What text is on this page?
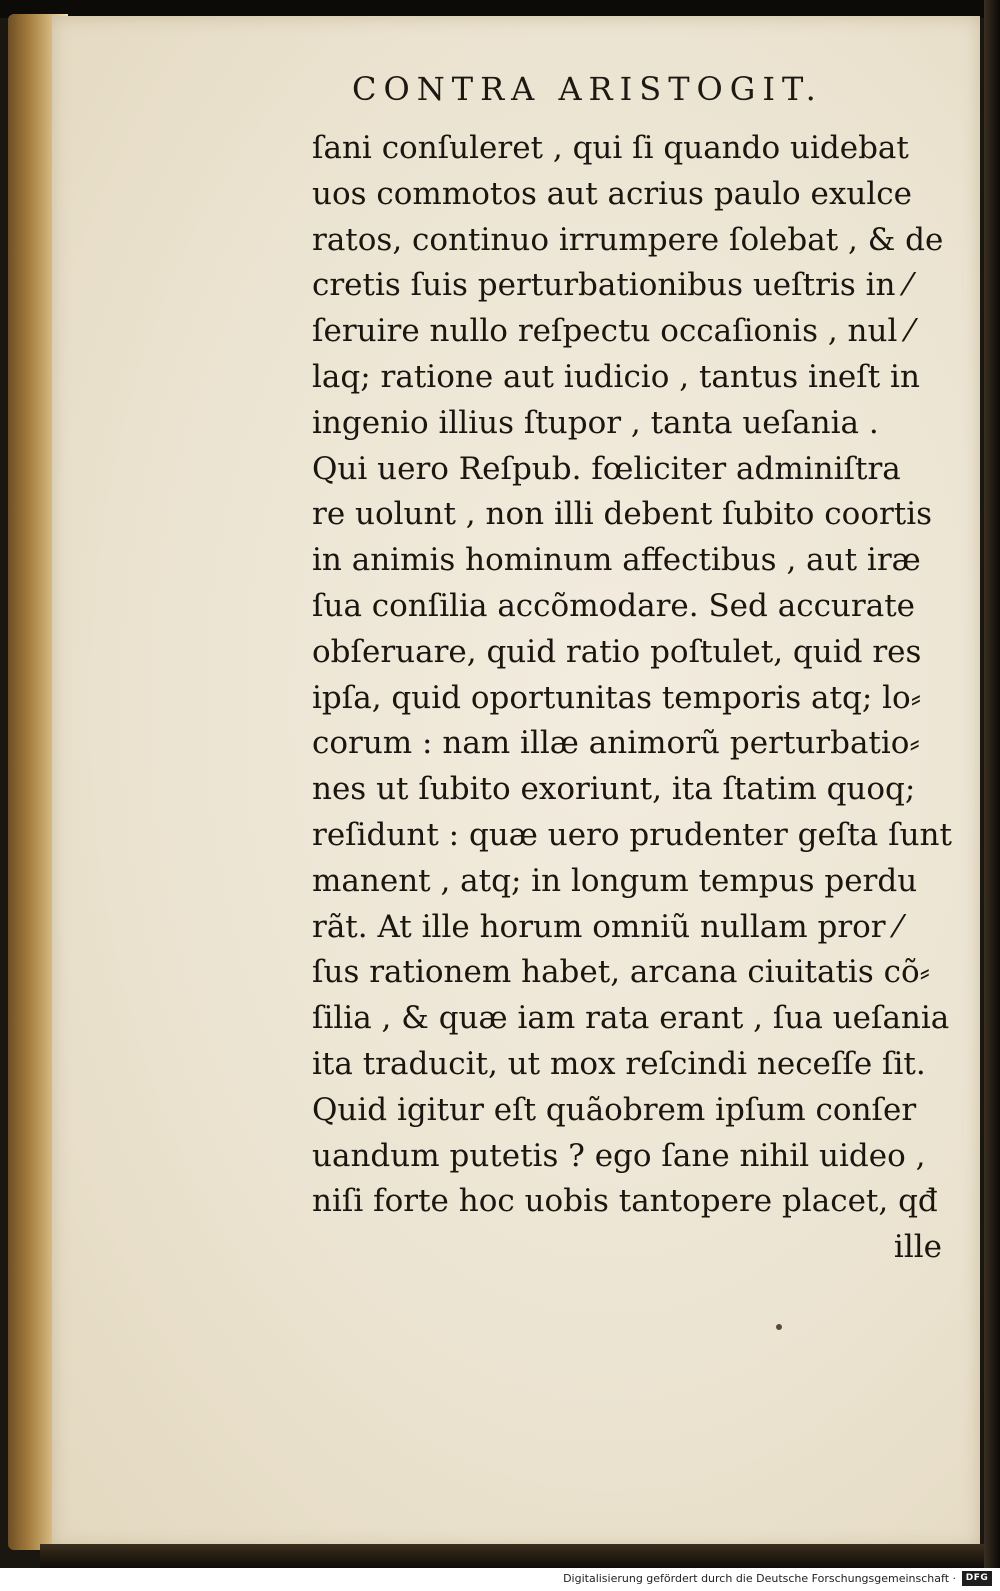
CONTRA ARISTOGIT.
ſani conſuleret , qui ſi quando uidebat
uos commotos aut acrius paulo exulce
ratos, continuo irrumpere ſolebat , & de
cretis ſuis perturbationibus ueſtris in ⁄
ſeruire nullo reſpectu occaſionis , nul ⁄
laq; ratione aut iudicio , tantus ineſt in
ingenio illius ſtupor , tanta ueſania .
Qui uero Reſpub. fœliciter adminiſtra
re uolunt , non illi debent ſubito coortis
in animis hominum affectibus , aut iræ
ſua conſilia accõmodare. Sed accurate
obſeruare, quid ratio poſtulet, quid res
ipſa, quid oportunitas temporis atq; lo⸗
corum : nam illæ animorũ perturbatio⸗
nes ut ſubito exoriunt, ita ſtatim quoq;
reſidunt : quæ uero prudenter geſta ſunt
manent , atq; in longum tempus perdu
rãt. At ille horum omniũ nullam pror ⁄
ſus rationem habet, arcana ciuitatis cõ⸗
ſilia , & quæ iam rata erant , ſua ueſania
ita traducit, ut mox reſcindi neceſſe ſit.
Quid igitur eſt quãobrem ipſum conſer
uandum putetis ? ego ſane nihil uideo ,
niſi forte hoc uobis tantopere placet, qđ
ille
Digitalisierung gefördert durch die Deutsche Forschungsgemeinschaft ·	DFG
